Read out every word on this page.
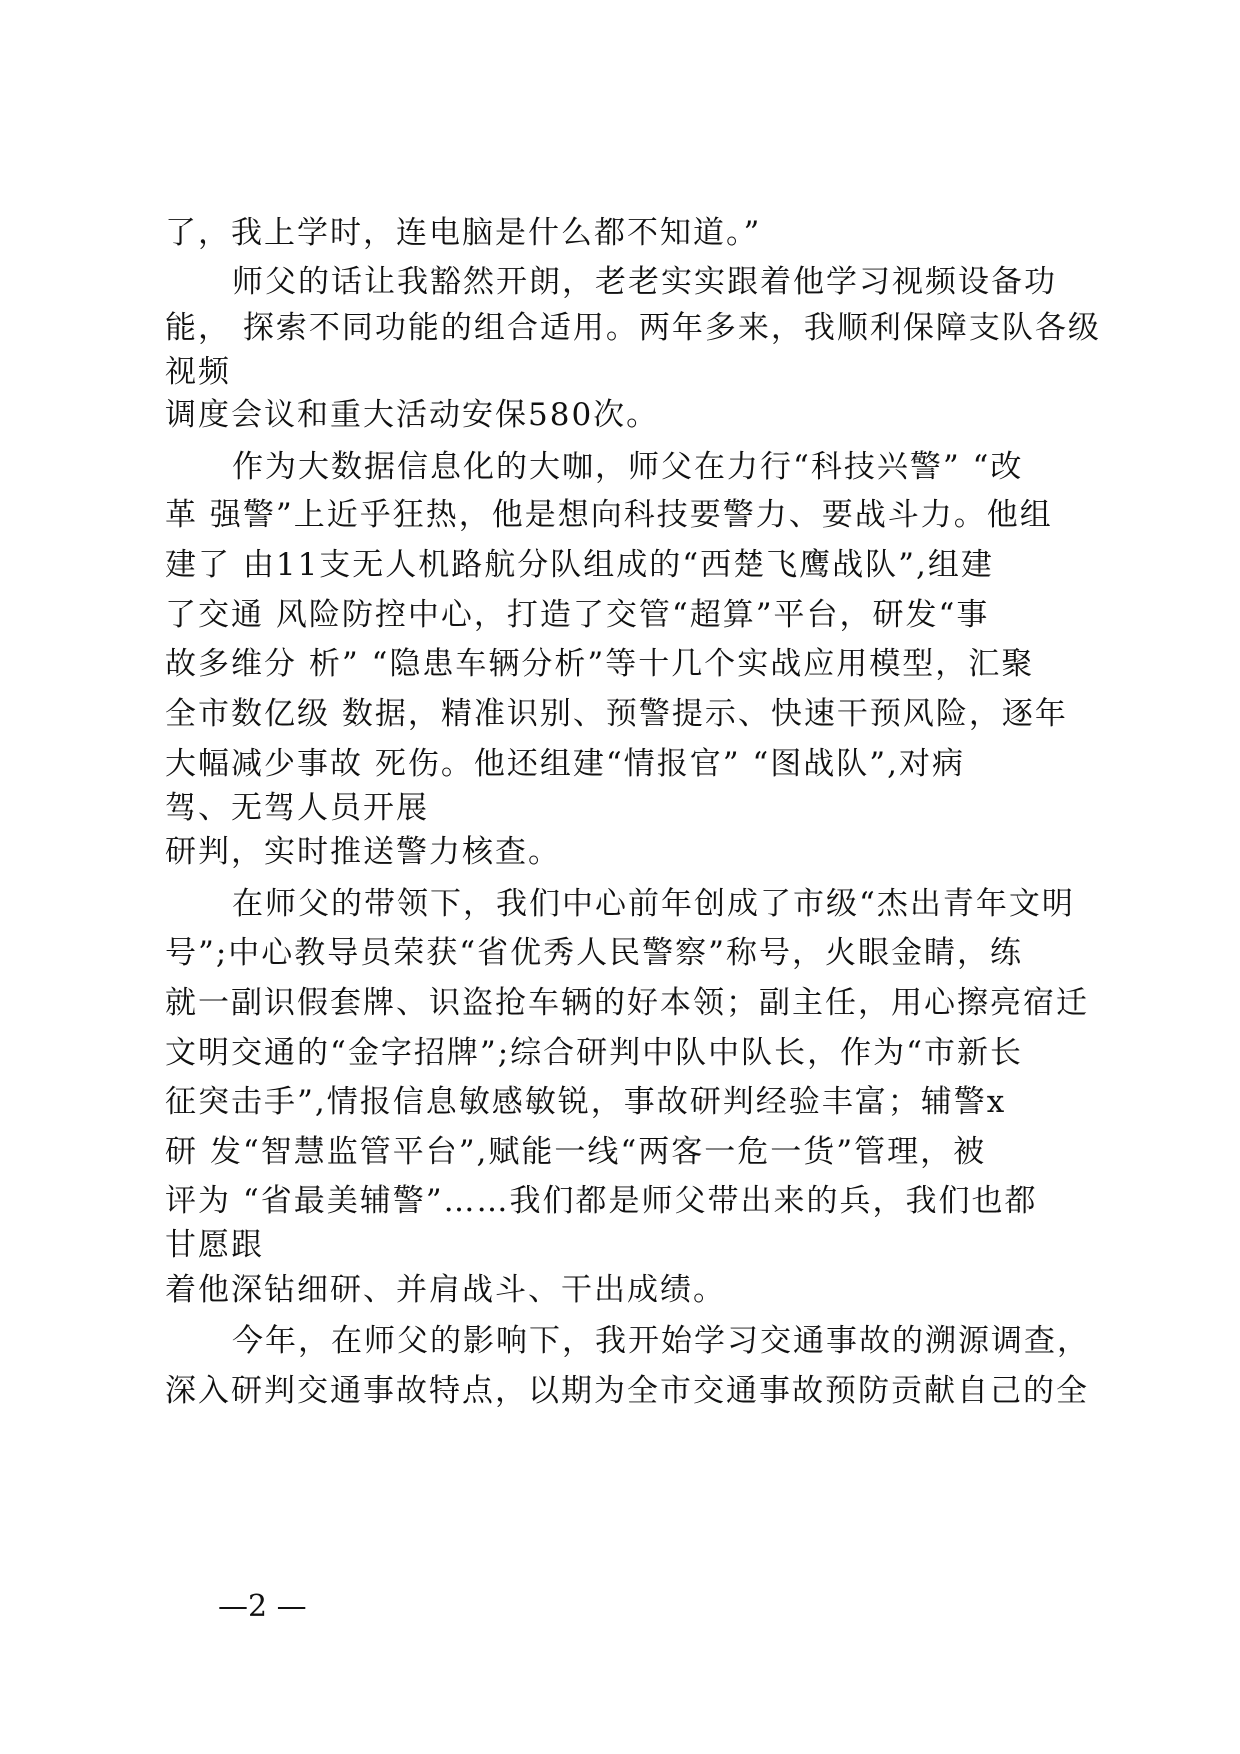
了，我上学时，连电脑是什么都不知道。”
师父的话让我豁然开朗，老老实实跟着他学习视频设备功
能， 探索不同功能的组合适用。两年多来，我顺利保障支队各级
视频
调度会议和重大活动安保580次。
作为大数据信息化的大咖，师父在力行“科技兴警” “改
革 强警”上近乎狂热，他是想向科技要警力、要战斗力。他组
建了 由11支无人机路航分队组成的“西楚飞鹰战队”,组建
了交通 风险防控中心，打造了交管“超算”平台，研发“事
故多维分 析” “隐患车辆分析”等十几个实战应用模型，汇聚
全市数亿级 数据，精准识别、预警提示、快速干预风险，逐年
大幅减少事故 死伤。他还组建“情报官” “图战队”,对病
驾、无驾人员开展
研判，实时推送警力核查。
在师父的带领下，我们中心前年创成了市级“杰出青年文明
号”;中心教导员荣获“省优秀人民警察”称号，火眼金睛，练
就一副识假套牌、识盗抢车辆的好本领；副主任，用心擦亮宿迁
文明交通的“金字招牌”;综合研判中队中队长，作为“市新长
征突击手”,情报信息敏感敏锐，事故研判经验丰富；辅警x
研 发“智慧监管平台”,赋能一线“两客一危一货”管理，被
评为 “省最美辅警”……我们都是师父带出来的兵，我们也都
甘愿跟
着他深钻细研、并肩战斗、干出成绩。
今年，在师父的影响下，我开始学习交通事故的溯源调查，
深入研判交通事故特点，以期为全市交通事故预防贡献自己的全
—2 —
